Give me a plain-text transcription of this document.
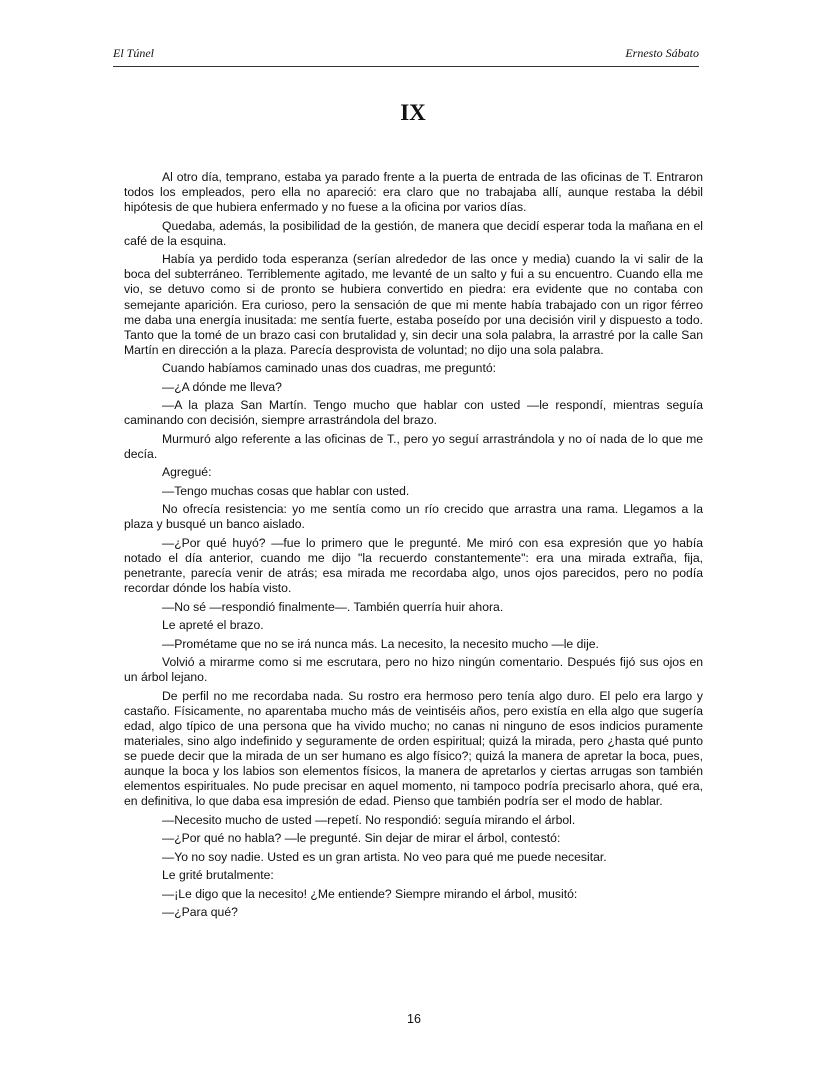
El Túnel	Ernesto Sábato
IX

Al otro día, temprano, estaba ya parado frente a la puerta de entrada de las oficinas de T. Entraron todos los empleados, pero ella no apareció: era claro que no trabajaba allí, aunque restaba la débil hipótesis de que hubiera enfermado y no fuese a la oficina por varios días.

Quedaba, además, la posibilidad de la gestión, de manera que decidí esperar toda la mañana en el café de la esquina.

Había ya perdido toda esperanza (serían alrededor de las once y media) cuando la vi salir de la boca del subterráneo. Terriblemente agitado, me levanté de un salto y fui a su encuentro. Cuando ella me vio, se detuvo como si de pronto se hubiera convertido en piedra: era evidente que no contaba con semejante aparición. Era curioso, pero la sensación de que mi mente había trabajado con un rigor férreo me daba una energía inusitada: me sentía fuerte, estaba poseído por una decisión viril y dispuesto a todo. Tanto que la tomé de un brazo casi con brutalidad y, sin decir una sola palabra, la arrastré por la calle San Martín en dirección a la plaza. Parecía desprovista de voluntad; no dijo una sola palabra.

Cuando habíamos caminado unas dos cuadras, me preguntó:

—¿A dónde me lleva?

—A la plaza San Martín. Tengo mucho que hablar con usted —le respondí, mientras seguía caminando con decisión, siempre arrastrándola del brazo.

Murmuró algo referente a las oficinas de T., pero yo seguí arrastrándola y no oí nada de lo que me decía.

Agregué:

—Tengo muchas cosas que hablar con usted.

No ofrecía resistencia: yo me sentía como un río crecido que arrastra una rama. Llegamos a la plaza y busqué un banco aislado.

—¿Por qué huyó? —fue lo primero que le pregunté. Me miró con esa expresión que yo había notado el día anterior, cuando me dijo "la recuerdo constantemente": era una mirada extraña, fija, penetrante, parecía venir de atrás; esa mirada me recordaba algo, unos ojos parecidos, pero no podía recordar dónde los había visto.

—No sé —respondió finalmente—. También querría huir ahora.

Le apreté el brazo.

—Prométame que no se irá nunca más. La necesito, la necesito mucho —le dije.

Volvió a mirarme como si me escrutara, pero no hizo ningún comentario. Después fijó sus ojos en un árbol lejano.

De perfil no me recordaba nada. Su rostro era hermoso pero tenía algo duro. El pelo era largo y castaño. Físicamente, no aparentaba mucho más de veintiséis años, pero existía en ella algo que sugería edad, algo típico de una persona que ha vivido mucho; no canas ni ninguno de esos indicios puramente materiales, sino algo indefinido y seguramente de orden espiritual; quizá la mirada, pero ¿hasta qué punto se puede decir que la mirada de un ser humano es algo físico?; quizá la manera de apretar la boca, pues, aunque la boca y los labios son elementos físicos, la manera de apretarlos y ciertas arrugas son también elementos espirituales. No pude precisar en aquel momento, ni tampoco podría precisarlo ahora, qué era, en definitiva, lo que daba esa impresión de edad. Pienso que también podría ser el modo de hablar.

—Necesito mucho de usted —repetí. No respondió: seguía mirando el árbol.

—¿Por qué no habla? —le pregunté. Sin dejar de mirar el árbol, contestó:

—Yo no soy nadie. Usted es un gran artista. No veo para qué me puede necesitar.

Le grité brutalmente:

—¡Le digo que la necesito! ¿Me entiende? Siempre mirando el árbol, musitó:

—¿Para qué?

16
